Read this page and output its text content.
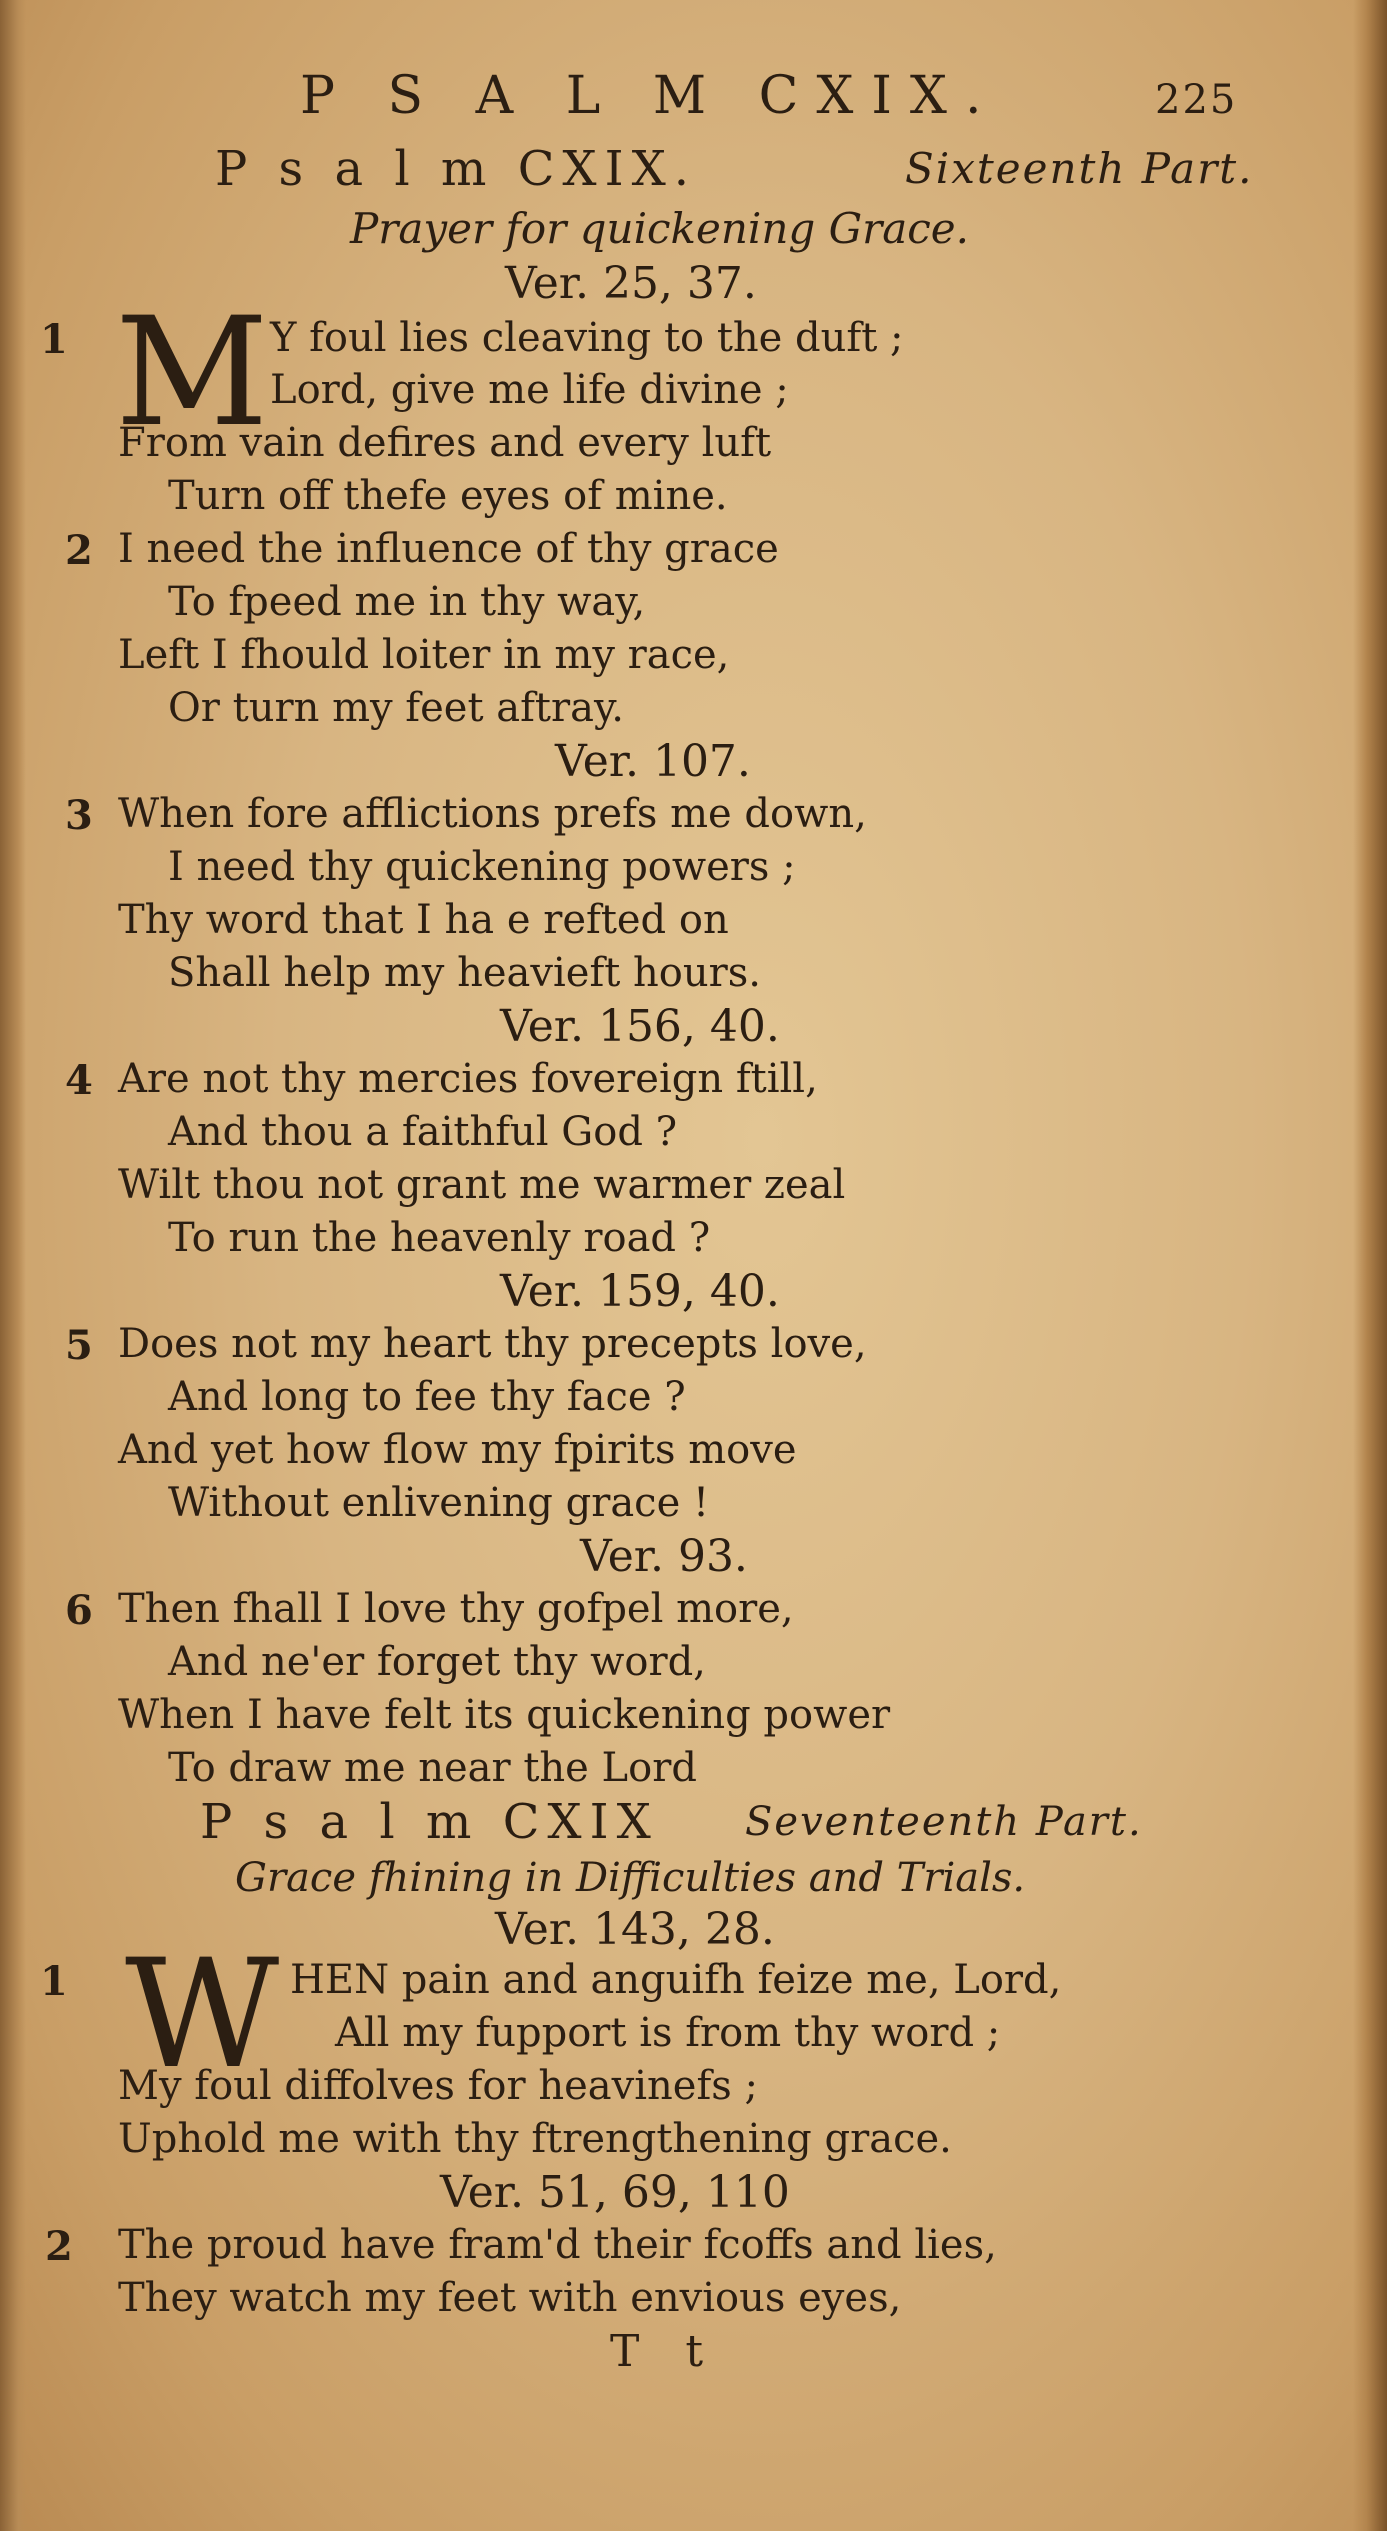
P S A L M CXIX.	225
P s a l m CXIX.	Sixteenth Part.
Prayer for quickening Grace.
Ver. 25, 37.
1 M Y foul lies cleaving to the duft ;
Lord, give me life divine ;
From vain defires and every luft
Turn off thefe eyes of mine.
2 I need the influence of thy grace
To fpeed me in thy way,
Left I fhould loiter in my race,
Or turn my feet aftray.
Ver. 107.
3 When fore afflictions prefs me down,
I need thy quickening powers ;
Thy word that I ha e refted on
Shall help my heavieft hours.
Ver. 156, 40.
4 Are not thy mercies fovereign ftill,
And thou a faithful God ?
Wilt thou not grant me warmer zeal
To run the heavenly road ?
Ver. 159, 40.
5 Does not my heart thy precepts love,
And long to fee thy face ?
And yet how flow my fpirits move
Without enlivening grace !
Ver. 93.
6 Then fhall I love thy gofpel more,
And ne'er forget thy word,
When I have felt its quickening power
To draw me near the Lord
P s a l m CXIX Seventeenth Part.
Grace fhining in Difficulties and Trials.
Ver. 143, 28.
1 W HEN pain and anguifh feize me, Lord,
All my fupport is from thy word ;
My foul diffolves for heavinefs ;
Uphold me with thy ftrengthening grace.
Ver. 51, 69, 110
2 The proud have fram'd their fcoffs and lies,
They watch my feet with envious eyes,
T t
